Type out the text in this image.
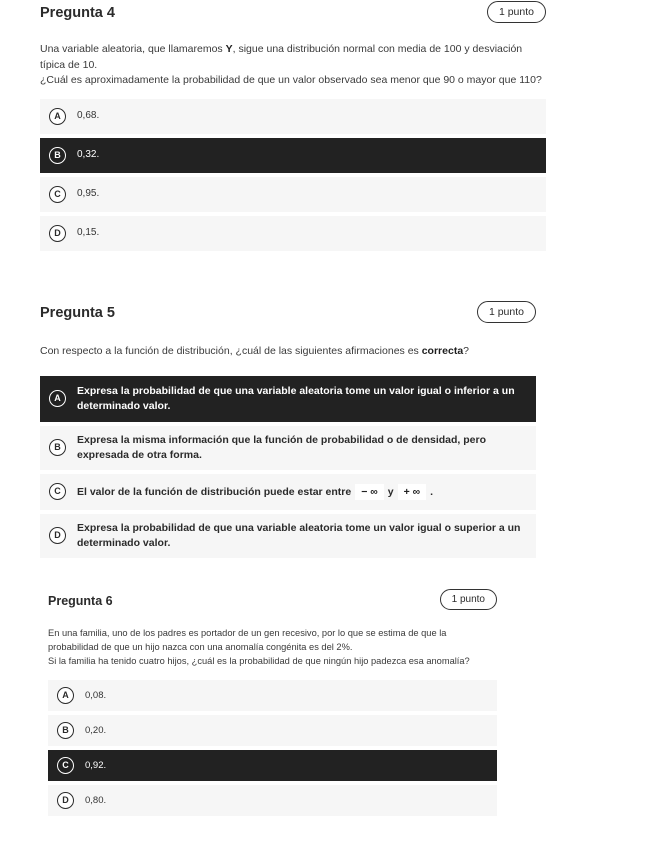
Pregunta 4	1 punto

Una variable aleatoria, que llamaremos Y, sigue una distribución normal con media de 100 y desviación típica de 10.

¿Cuál es aproximadamente la probabilidad de que un valor observado sea menor que 90 o mayor que 110?

A	0,68.
B	0,32.
C	0,95.
D	0,15.
Pregunta 5	1 punto

Con respecto a la función de distribución, ¿cuál de las siguientes afirmaciones es correcta?

A
Expresa la probabilidad de que una variable aleatoria tome un valor igual o inferior a un determinado valor.
B
Expresa la misma información que la función de probabilidad o de densidad, pero expresada de otra forma.
C	El valor de la función de distribución puede estar entre − ∞ y + ∞ .
D
Expresa la probabilidad de que una variable aleatoria tome un valor igual o superior a un determinado valor.
Pregunta 6	1 punto

En una familia, uno de los padres es portador de un gen recesivo, por lo que se estima de que la probabilidad de que un hijo nazca con una anomalía congénita es del 2%.

Si la familia ha tenido cuatro hijos, ¿cuál es la probabilidad de que ningún hijo padezca esa anomalía?

A	0,08.
B	0,20.
C	0,92.
D	0,80.
